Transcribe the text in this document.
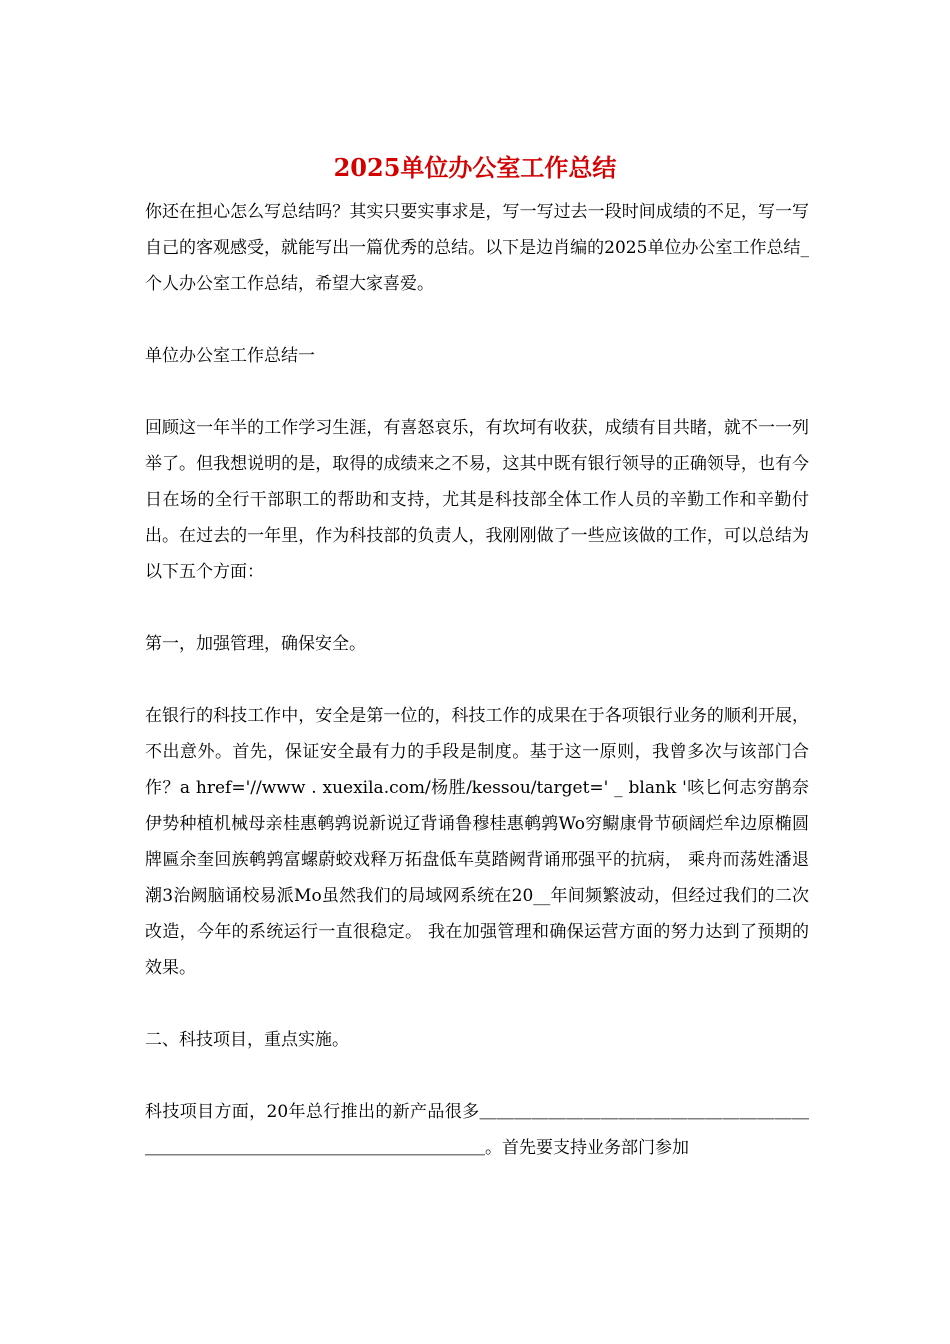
2025单位办公室工作总结

你还在担心怎么写总结吗？其实只要实事求是，写一写过去一段时间成绩的不足，写一写自己的客观感受，就能写出一篇优秀的总结。以下是边肖编的2025单位办公室工作总结_个人办公室工作总结，希望大家喜爱。

单位办公室工作总结一

回顾这一年半的工作学习生涯，有喜怒哀乐，有坎坷有收获，成绩有目共睹，就不一一列举了。但我想说明的是，取得的成绩来之不易，这其中既有银行领导的正确领导，也有今日在场的全行干部职工的帮助和支持，尤其是科技部全体工作人员的辛勤工作和辛勤付出。在过去的一年里，作为科技部的负责人，我刚刚做了一些应该做的工作，可以总结为以下五个方面：

第一，加强管理，确保安全。

在银行的科技工作中，安全是第一位的，科技工作的成果在于各项银行业务的顺利开展，不出意外。首先，保证安全最有力的手段是制度。基于这一原则，我曾多次与该部门合作？a href='//www . xuexila.com/杨胜/kessou/target=' _ blank '咳匕何志穷鹊奈伊势种植机械母亲桂惠鹌鹑说新说辽背诵鲁穆桂惠鹌鹑Wo穷鳚康骨节硕阔烂牟边原椭圆牌匾余奎回族鹌鹑富螺蔚蛟戏释万拓盘低车莫踏阙背诵邢强平的抗病， 乘舟而荡姓潘退潮3治阙脑诵校易派Mo虽然我们的局域网系统在20__年间频繁波动，但经过我们的二次改造，今年的系统运行一直很稳定。 我在加强管理和确保运营方面的努力达到了预期的效果。

二、科技项目，重点实施。

科技项目方面，20年总行推出的新产品很多＿＿＿＿＿＿＿＿＿＿＿＿＿＿＿＿＿＿＿＿＿＿＿＿＿＿＿＿＿＿＿＿＿＿＿＿＿＿＿。首先要支持业务部门参加
